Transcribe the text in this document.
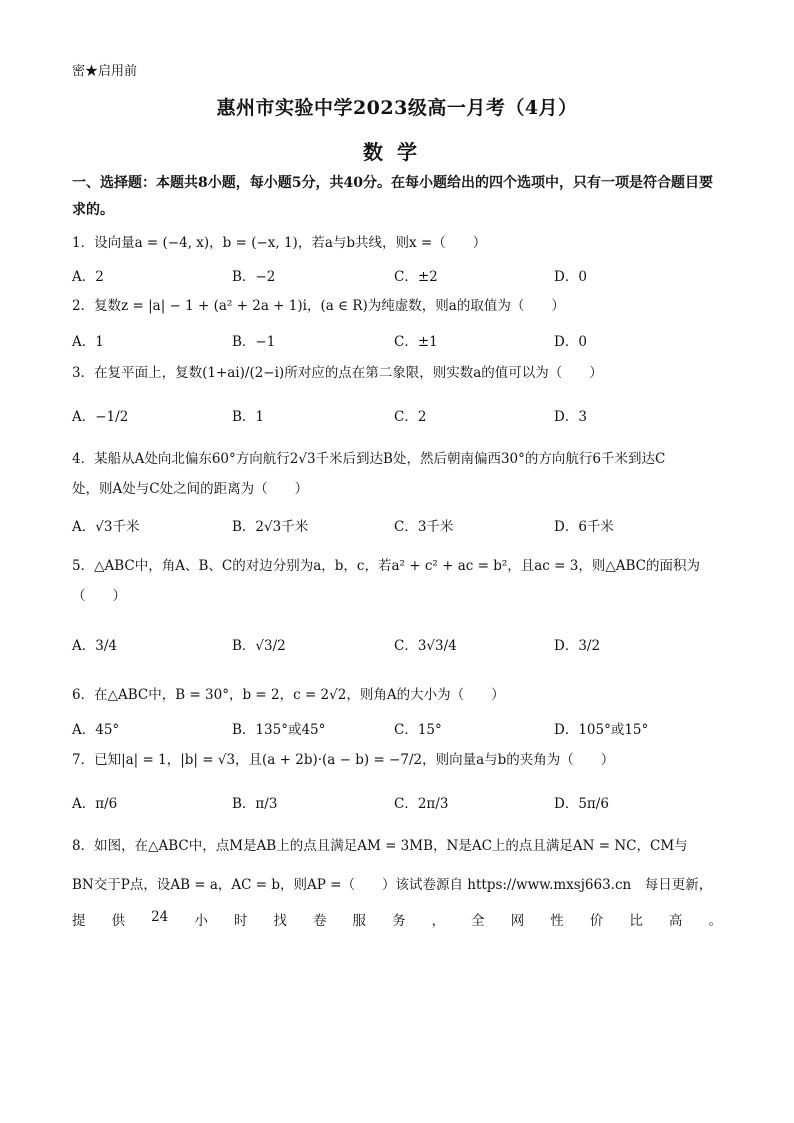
密★启用前
惠州市实验中学2023级高一月考（4月）
数学
一、选择题：本题共8小题，每小题5分，共40分。在每小题给出的四个选项中，只有一项是符合题目要求的。
1．设向量a = (−4, x)，b = (−x, 1)，若a与b共线，则x =（　　）
A．2	B．−2	C．±2	D．0
2．复数z = |a| − 1 + (a² + 2a + 1)i，(a ∈ R)为纯虚数，则a的取值为（　　）
A．1	B．−1	C．±1	D．0
3．在复平面上，复数(1+ai)/(2−i)所对应的点在第二象限，则实数a的值可以为（　　）
A．−1/2	B．1	C．2	D．3
4．某船从A处向北偏东60°方向航行2√3千米后到达B处，然后朝南偏西30°的方向航行6千米到达C
处，则A处与C处之间的距离为（　　）
A．√3千米	B．2√3千米	C．3千米	D．6千米
5．△ABC中，角A、B、C的对边分别为a，b，c，若a² + c² + ac = b²，且ac = 3，则△ABC的面积为
（　　）
A．3/4	B．√3/2	C．3√3/4	D．3/2
6．在△ABC中，B = 30°，b = 2，c = 2√2，则角A的大小为（　　）
A．45°	B．135°或45°	C．15°	D．105°或15°
7．已知|a| = 1，|b| = √3，且(a + 2b)·(a − b) = −7/2，则向量a与b的夹角为（　　）
A．π/6	B．π/3	C．2π/3	D．5π/6
8．如图，在△ABC中，点M是AB上的点且满足AM = 3MB，N是AC上的点且满足AN = NC，CM与
BN交于P点，设AB = a，AC = b，则AP =（　　）该试卷源自 https://www.mxsj663.cn　每日更新，
提 供 24 小 时 找 卷 服 务 ， 全 网 性 价 比 高 。
